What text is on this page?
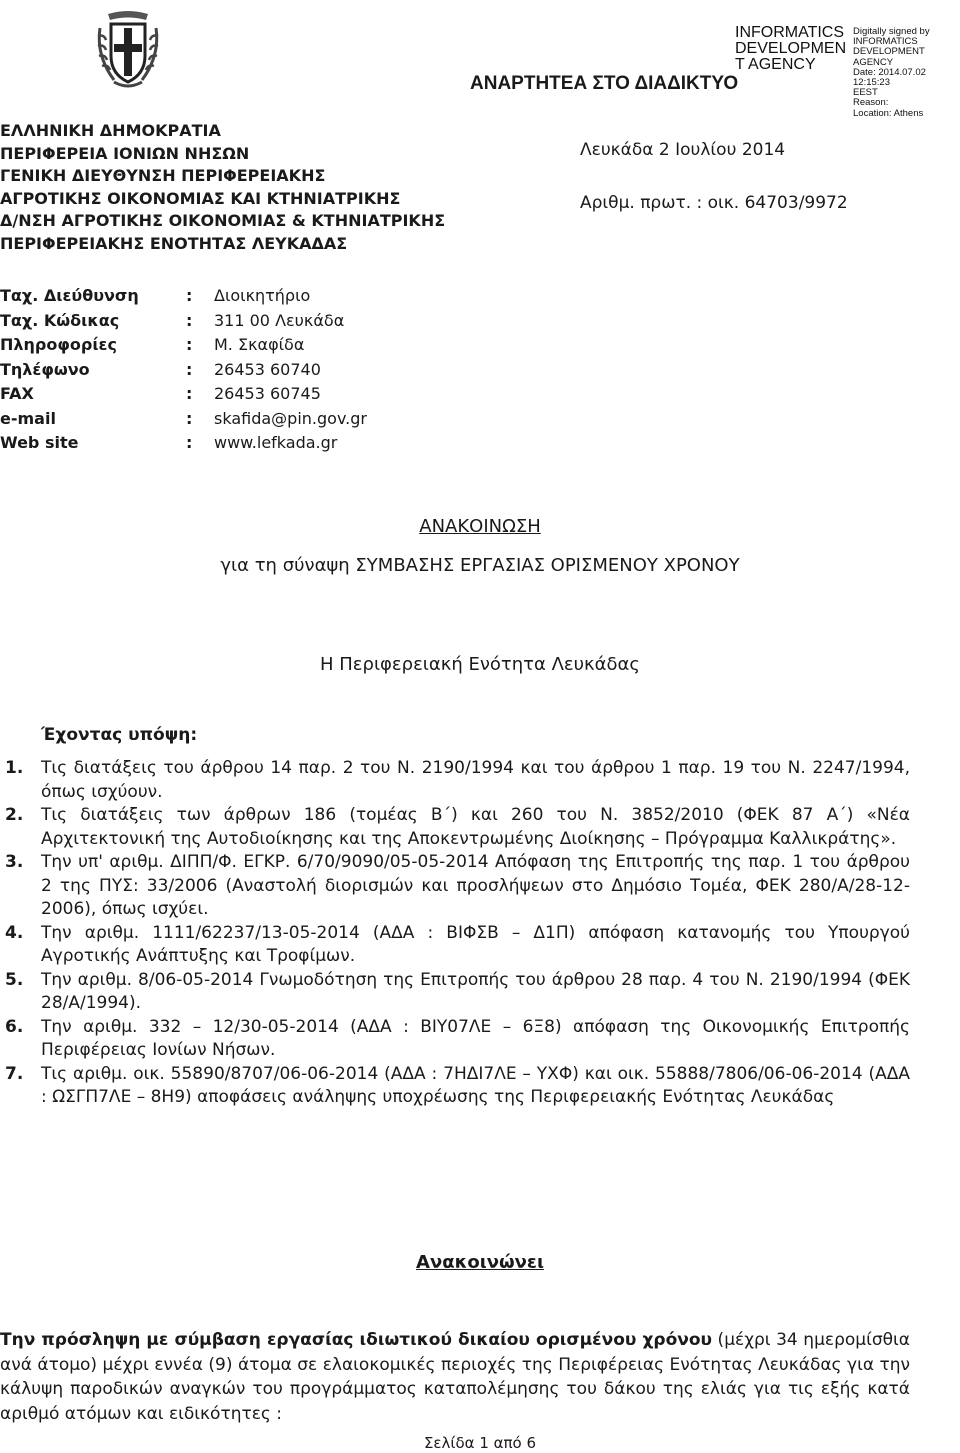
INFORMATICS
DEVELOPMEN
T AGENCY
Digitally signed by
INFORMATICS
DEVELOPMENT AGENCY
Date: 2014.07.02 12:15:23
EEST
Reason:
Location: Athens
ΑΝΑΡΤΗΤΕΑ ΣΤΟ ΔΙΑΔΙΚΤΥΟ
ΕΛΛΗΝΙΚΗ ΔΗΜΟΚΡΑΤΙΑ
ΠΕΡΙΦΕΡΕΙΑ ΙΟΝΙΩΝ ΝΗΣΩΝ
ΓΕΝΙΚΗ ΔΙΕΥΘΥΝΣΗ ΠΕΡΙΦΕΡΕΙΑΚΗΣ
ΑΓΡΟΤΙΚΗΣ ΟΙΚΟΝΟΜΙΑΣ ΚΑΙ ΚΤΗΝΙΑΤΡΙΚΗΣ
Δ/ΝΣΗ ΑΓΡΟΤΙΚΗΣ ΟΙΚΟΝΟΜΙΑΣ & ΚΤΗΝΙΑΤΡΙΚΗΣ
ΠΕΡΙΦΕΡΕΙΑΚΗΣ ΕΝΟΤΗΤΑΣ ΛΕΥΚΑΔΑΣ
Λευκάδα 2 Ιουλίου 2014
Αριθμ. πρωτ. : οικ. 64703/9972
Ταχ. Διεύθυνση	:	Διοικητήριο
Ταχ. Κώδικας	:	311 00 Λευκάδα
Πληροφορίες	:	Μ. Σκαφίδα
Τηλέφωνο	:	26453 60740
FAX	:	26453 60745
e-mail	:	skafida@pin.gov.gr
Web site	:	www.lefkada.gr
ΑΝΑΚΟΙΝΩΣΗ
για τη σύναψη ΣΥΜΒΑΣΗΣ ΕΡΓΑΣΙΑΣ ΟΡΙΣΜΕΝΟΥ ΧΡΟΝΟΥ
Η Περιφερειακή Ενότητα Λευκάδας
Έχοντας υπόψη:
1.	Τις διατάξεις του άρθρου 14 παρ. 2 του Ν. 2190/1994 και του άρθρου 1 παρ. 19 του Ν. 2247/1994, όπως ισχύουν.
2.	Τις διατάξεις των άρθρων 186 (τομέας Β΄) και 260 του Ν. 3852/2010 (ΦΕΚ 87 Α΄) «Νέα Αρχιτεκτονική της Αυτοδιοίκησης και της Αποκεντρωμένης Διοίκησης – Πρόγραμμα Καλλικράτης».
3.	Την υπ' αριθμ. ΔΙΠΠ/Φ. ΕΓΚΡ. 6/70/9090/05-05-2014 Απόφαση της Επιτροπής της παρ. 1 του άρθρου 2 της ΠΥΣ: 33/2006 (Αναστολή διορισμών και προσλήψεων στο Δημόσιο Τομέα, ΦΕΚ 280/Α/28-12-2006), όπως ισχύει.
4.	Την αριθμ. 1111/62237/13-05-2014 (ΑΔΑ : ΒΙΦΣΒ – Δ1Π) απόφαση κατανομής του Υπουργού Αγροτικής Ανάπτυξης και Τροφίμων.
5.	Την αριθμ. 8/06-05-2014 Γνωμοδότηση της Επιτροπής του άρθρου 28 παρ. 4 του Ν. 2190/1994 (ΦΕΚ 28/Α/1994).
6.	Την αριθμ. 332 – 12/30-05-2014 (ΑΔΑ : ΒΙΥ07ΛΕ – 6Ξ8) απόφαση της Οικονομικής Επιτροπής Περιφέρειας Ιονίων Νήσων.
7.	Τις αριθμ. οικ. 55890/8707/06-06-2014 (ΑΔΑ : 7ΗΔΙ7ΛΕ – ΥΧΦ) και οικ. 55888/7806/06-06-2014 (ΑΔΑ : ΩΣΓΠ7ΛΕ – 8Η9) αποφάσεις ανάληψης υποχρέωσης της Περιφερειακής Ενότητας Λευκάδας
Ανακοινώνει
Την πρόσληψη με σύμβαση εργασίας ιδιωτικού δικαίου ορισμένου χρόνου (μέχρι 34 ημερομίσθια ανά άτομο) μέχρι εννέα (9) άτομα σε ελαιοκομικές περιοχές της Περιφέρειας Ενότητας Λευκάδας για την κάλυψη παροδικών αναγκών του προγράμματος καταπολέμησης του δάκου της ελιάς για τις εξής κατά αριθμό ατόμων και ειδικότητες :
Σελίδα 1 από 6
